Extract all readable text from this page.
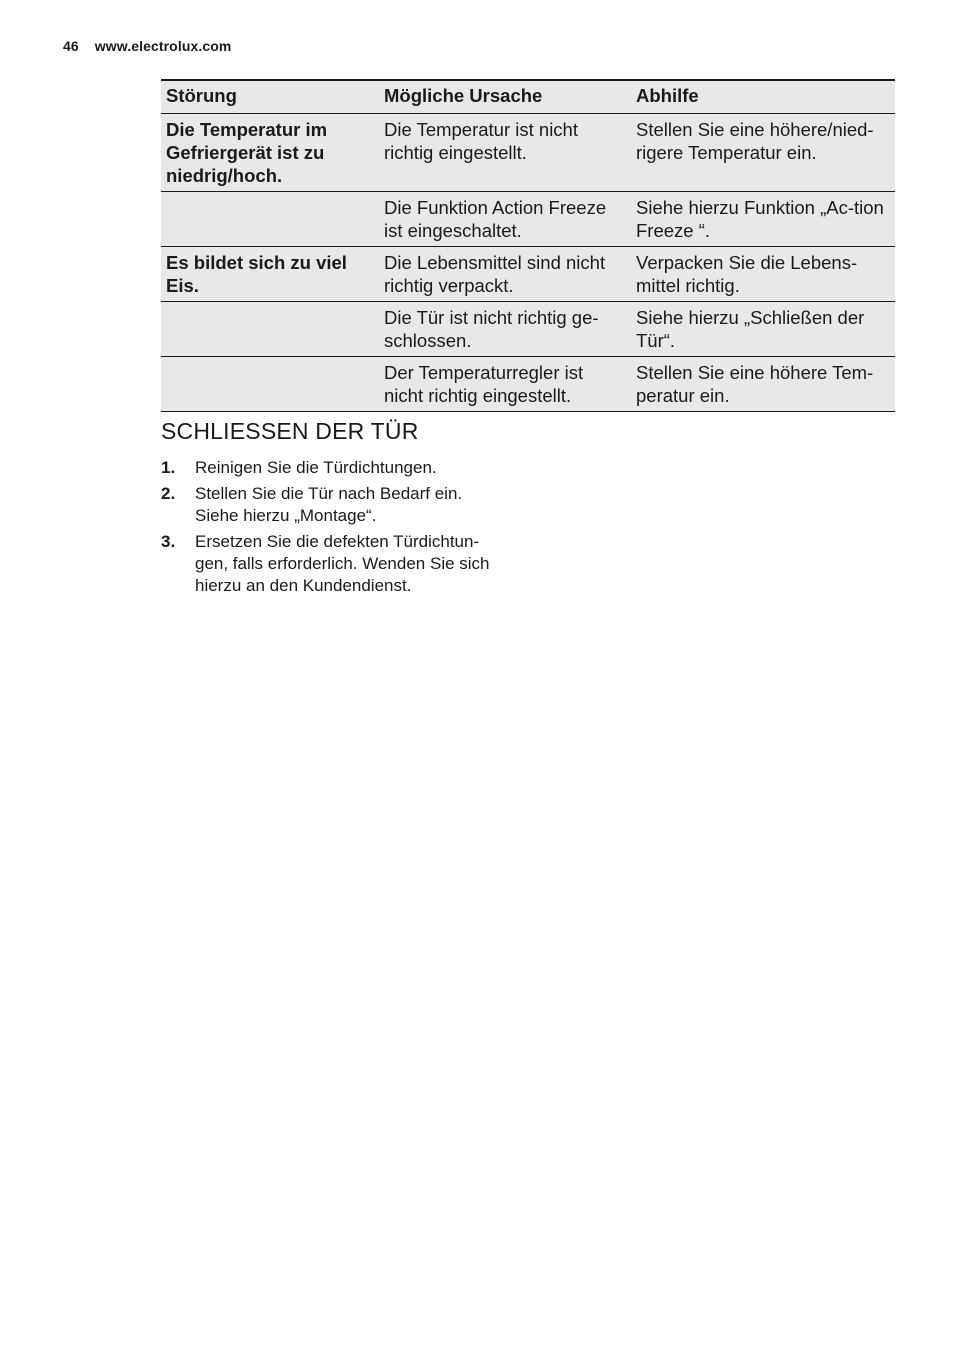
46 www.electrolux.com
Störung	Mögliche Ursache	Abhilfe
Die Temperatur im Gefriergerät ist zu niedrig/hoch.	Die Temperatur ist nicht richtig eingestellt.	Stellen Sie eine höhere/nied-rigere Temperatur ein.
	Die Funktion Action Freeze ist eingeschaltet.	Siehe hierzu Funktion „Ac-tion Freeze “.
Es bildet sich zu viel Eis.	Die Lebensmittel sind nicht richtig verpackt.	Verpacken Sie die Lebens-mittel richtig.
	Die Tür ist nicht richtig ge-schlossen.	Siehe hierzu „Schließen der Tür“.
	Der Temperaturregler ist nicht richtig eingestellt.	Stellen Sie eine höhere Tem-peratur ein.
SCHLIESSEN DER TÜR
1.	Reinigen Sie die Türdichtungen.
2.	Stellen Sie die Tür nach Bedarf ein.
Siehe hierzu „Montage“.
3.	Ersetzen Sie die defekten Türdichtun-
gen, falls erforderlich. Wenden Sie sich
hierzu an den Kundendienst.
